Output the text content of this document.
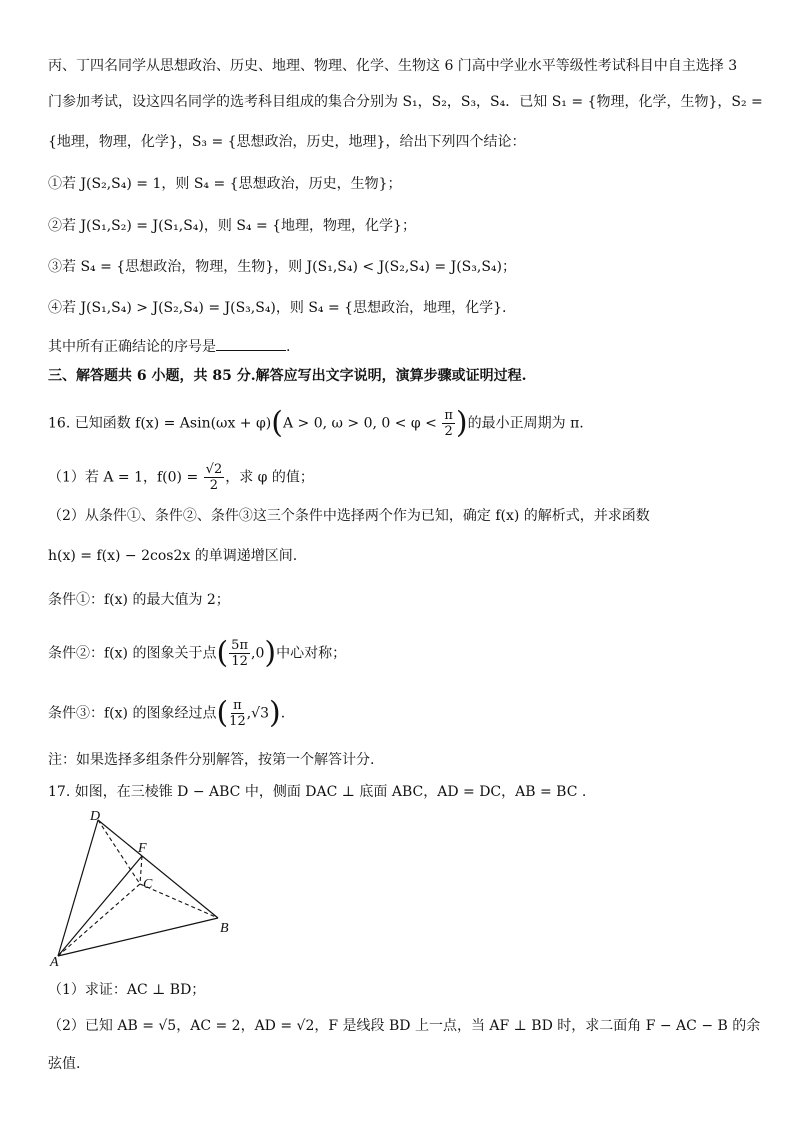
丙、丁四名同学从思想政治、历史、地理、物理、化学、生物这 6 门高中学业水平等级性考试科目中自主选择 3
门参加考试，设这四名同学的选考科目组成的集合分别为 S₁，S₂，S₃，S₄．已知 S₁ = {物理，化学，生物}，S₂ =
{地理，物理，化学}，S₃ = {思想政治，历史，地理}，给出下列四个结论：
①若 J(S₂,S₄) = 1，则 S₄ = {思想政治，历史，生物}；
②若 J(S₁,S₂) = J(S₁,S₄)，则 S₄ = {地理，物理，化学}；
③若 S₄ = {思想政治，物理，生物}，则 J(S₁,S₄) < J(S₂,S₄) = J(S₃,S₄)；
④若 J(S₁,S₄) > J(S₂,S₄) = J(S₃,S₄)，则 S₄ = {思想政治，地理，化学}.
其中所有正确结论的序号是	.
三、解答题共 6 小题，共 85 分.解答应写出文字说明，演算步骤或证明过程.
16. 已知函数 f(x) = Asin(ωx + φ)(A > 0, ω > 0, $0 < \varphi < \frac{\pi}{2}$ )的最小正周期为 π.
（1）若 A = 1，$f(0) = \frac{√2}{2}$ ，求 φ 的值；
（2）从条件①、条件②、条件③这三个条件中选择两个作为已知，确定 f(x) 的解析式，并求函数
h(x) = f(x) − 2cos2x 的单调递增区间.
条件①：f(x) 的最大值为 2；
条件②：f(x) 的图象关于点( $\frac{5\pi}{12} ,0$)中心对称；
条件③：f(x) 的图象经过点( $\frac{\pi}{12} ,√3$).
注：如果选择多组条件分别解答，按第一个解答计分.
17. 如图，在三棱锥 D − ABC 中，侧面 DAC ⊥ 底面 ABC，AD = DC，AB = BC .
D
F
C
A
B
（1）求证：AC ⊥ BD；
（2）已知 AB = √5，AC = 2，AD = √2，F 是线段 BD 上一点，当 AF ⊥ BD 时，求二面角 F − AC − B 的余
弦值.
